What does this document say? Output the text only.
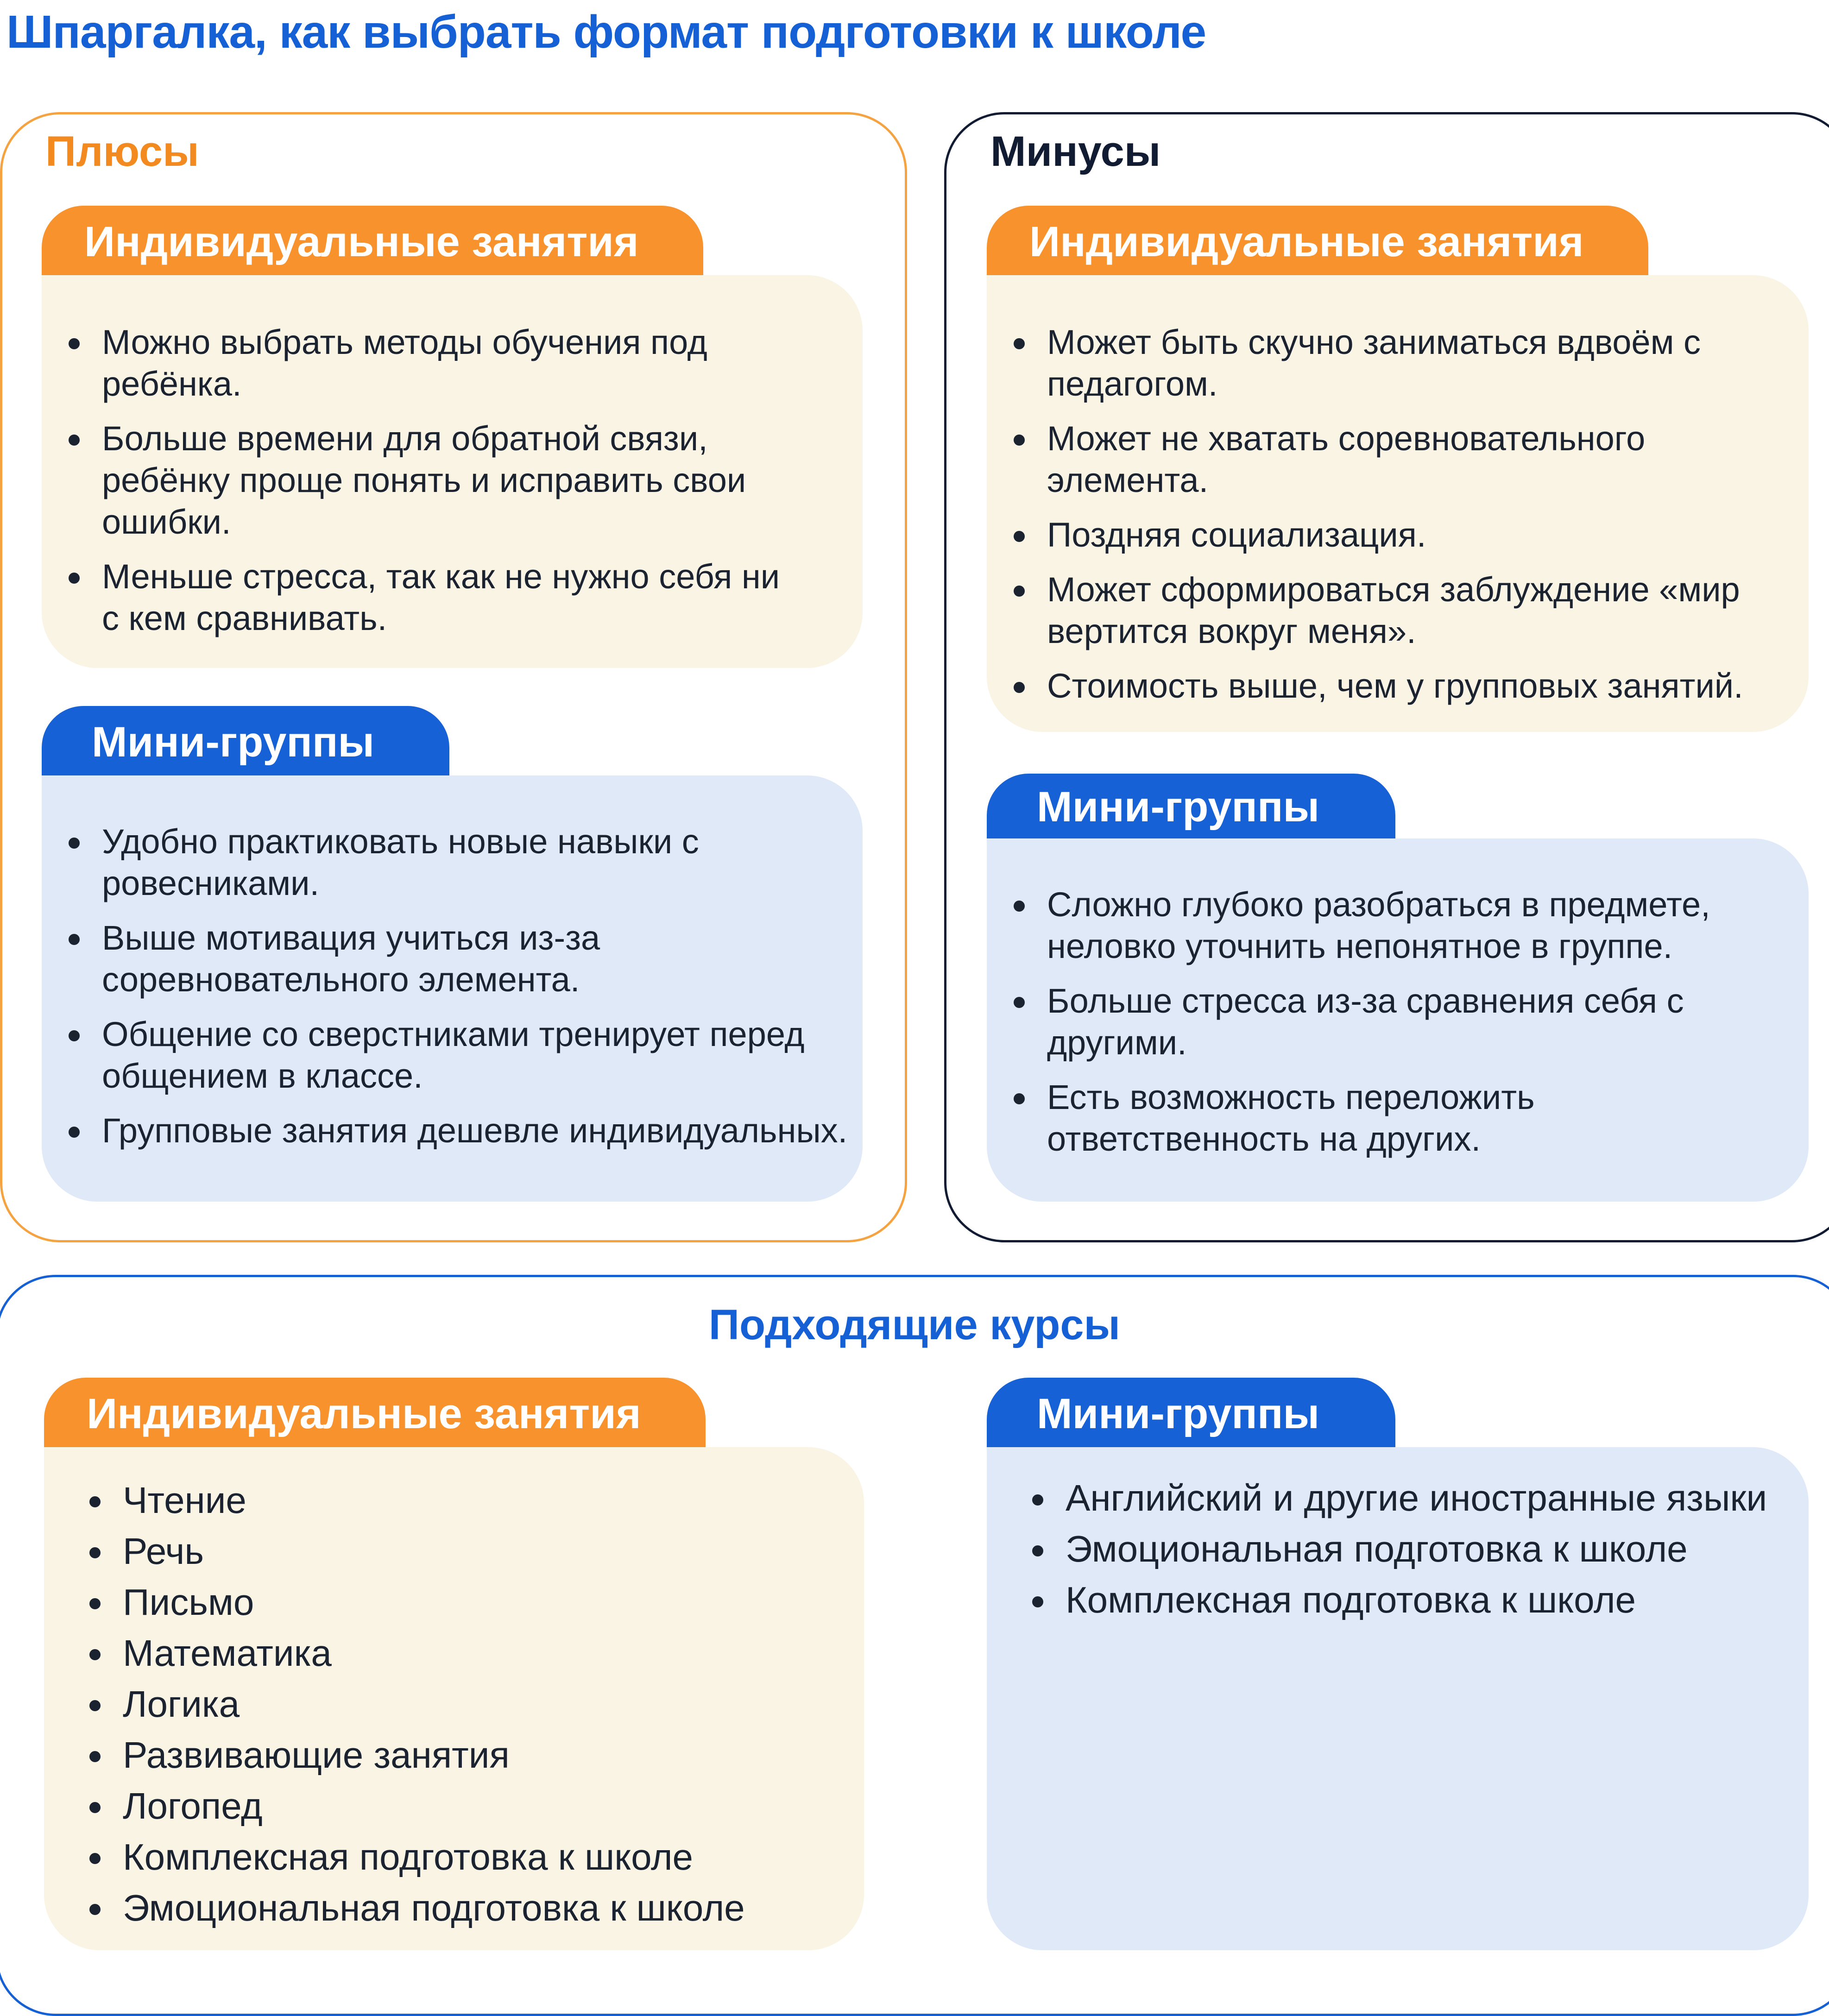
Шпаргалка, как выбрать формат подготовки к школе
Плюсы
Индивидуальные занятия
Можно выбрать методы обучения под ребёнка.
Больше времени для обратной связи, ребёнку проще понять и исправить свои ошибки.
Меньше стресса, так как не нужно себя ни с кем сравнивать.
Мини-группы
Удобно практиковать новые навыки с ровесниками.
Выше мотивация учиться из-за соревновательного элемента.
Общение со сверстниками тренирует перед общением в классе.
Групповые занятия дешевле индивидуальных.
Минусы
Индивидуальные занятия
Может быть скучно заниматься вдвоём с педагогом.
Может не хватать соревновательного элемента.
Поздняя социализация.
Может сформироваться заблуждение «мир вертится вокруг меня».
Стоимость выше, чем у групповых занятий.
Мини-группы
Сложно глубоко разобраться в предмете, неловко уточнить непонятное в группе.
Больше стресса из-за сравнения себя с другими.
Есть возможность переложить ответственность на других.
Подходящие курсы
Индивидуальные занятия
Чтение
Речь
Письмо
Математика
Логика
Развивающие занятия
Логопед
Комплексная подготовка к школе
Эмоциональная подготовка к школе
Мини-группы
Английский и другие иностранные языки
Эмоциональная подготовка к школе
Комплексная подготовка к школе
